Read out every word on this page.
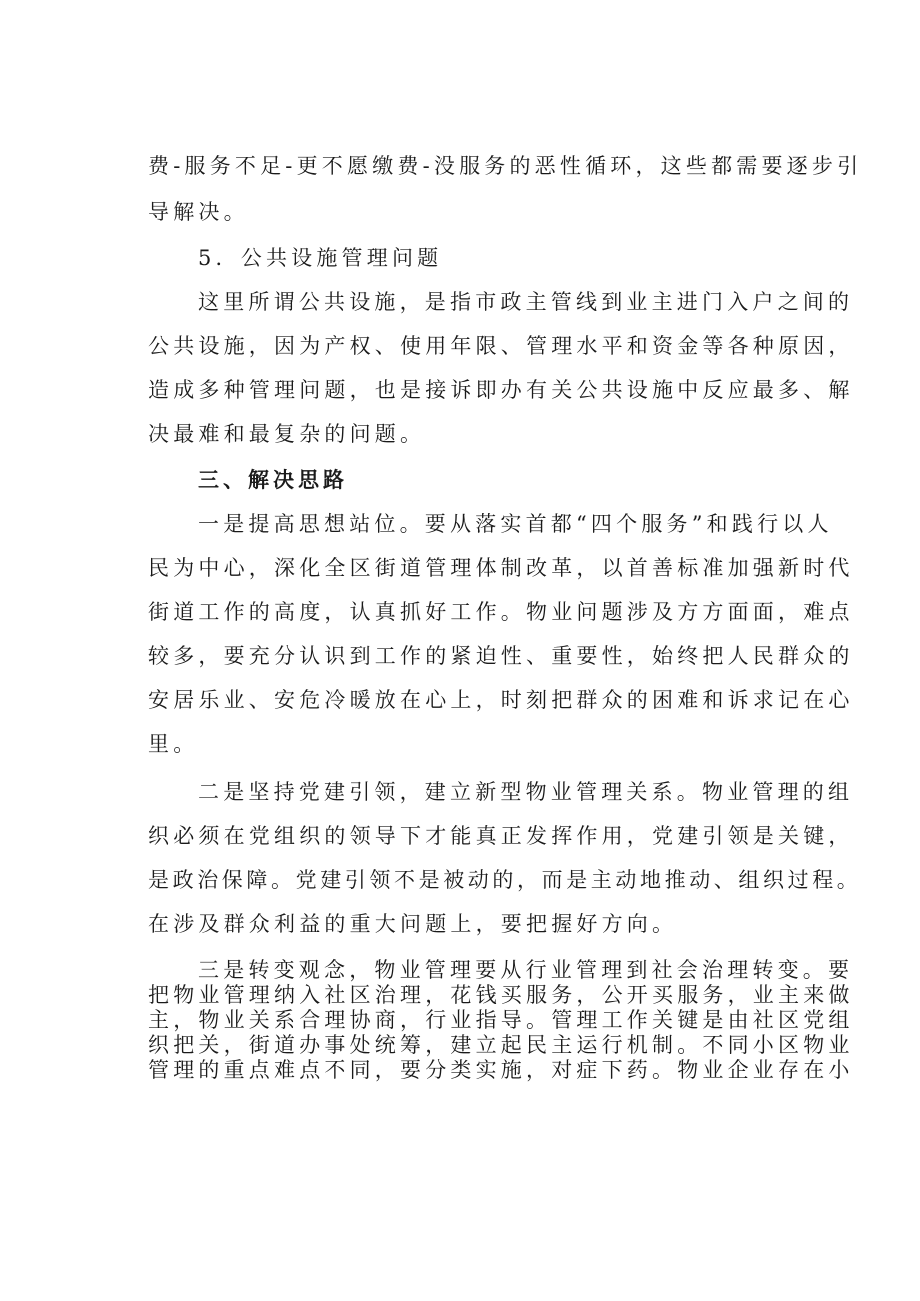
费-服务不足-更不愿缴费-没服务的恶性循环，这些都需要逐步引
导解决。
5．公共设施管理问题
这里所谓公共设施，是指市政主管线到业主进门入户之间的
公共设施，因为产权、使用年限、管理水平和资金等各种原因，
造成多种管理问题，也是接诉即办有关公共设施中反应最多、解
决最难和最复杂的问题。
三、解决思路
一是提高思想站位。要从落实首都“四个服务”和践行以人
民为中心，深化全区街道管理体制改革，以首善标准加强新时代
街道工作的高度，认真抓好工作。物业问题涉及方方面面，难点
较多，要充分认识到工作的紧迫性、重要性，始终把人民群众的
安居乐业、安危冷暖放在心上，时刻把群众的困难和诉求记在心
里。
二是坚持党建引领，建立新型物业管理关系。物业管理的组
织必须在党组织的领导下才能真正发挥作用，党建引领是关键，
是政治保障。党建引领不是被动的，而是主动地推动、组织过程。
在涉及群众利益的重大问题上，要把握好方向。
三是转变观念，物业管理要从行业管理到社会治理转变。要
把物业管理纳入社区治理，花钱买服务，公开买服务，业主来做
主，物业关系合理协商，行业指导。管理工作关键是由社区党组
织把关，街道办事处统筹，建立起民主运行机制。不同小区物业
管理的重点难点不同，要分类实施，对症下药。物业企业存在小
